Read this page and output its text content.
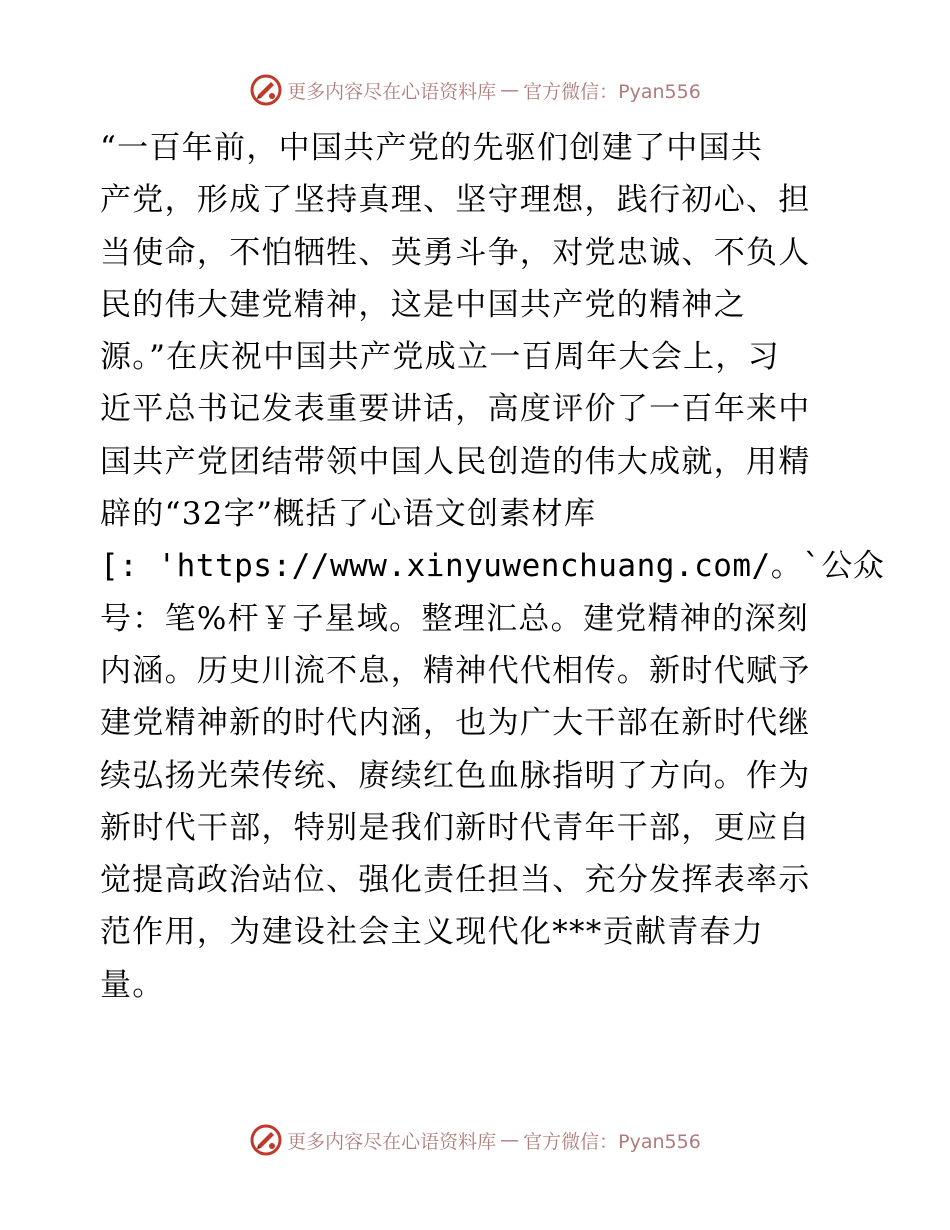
更多内容尽在心语资料库 — 官方微信：Pyan556
“一百年前，中国共产党的先驱们创建了中国共
产党，形成了坚持真理、坚守理想，践行初心、担
当使命，不怕牺牲、英勇斗争，对党忠诚、不负人
民的伟大建党精神，这是中国共产党的精神之
源。”在庆祝中国共产党成立一百周年大会上，习
近平总书记发表重要讲话，高度评价了一百年来中
国共产党团结带领中国人民创造的伟大成就，用精
辟的“32字”概括了心语文创素材库
[: 'https://www.xinyuwenchuang.com/。`公众
号：笔%杆￥子星域。整理汇总。建党精神的深刻
内涵。历史川流不息，精神代代相传。新时代赋予
建党精神新的时代内涵，也为广大干部在新时代继
续弘扬光荣传统、赓续红色血脉指明了方向。作为
新时代干部，特别是我们新时代青年干部，更应自
觉提高政治站位、强化责任担当、充分发挥表率示
范作用，为建设社会主义现代化***贡献青春力
量。
更多内容尽在心语资料库 — 官方微信：Pyan556
